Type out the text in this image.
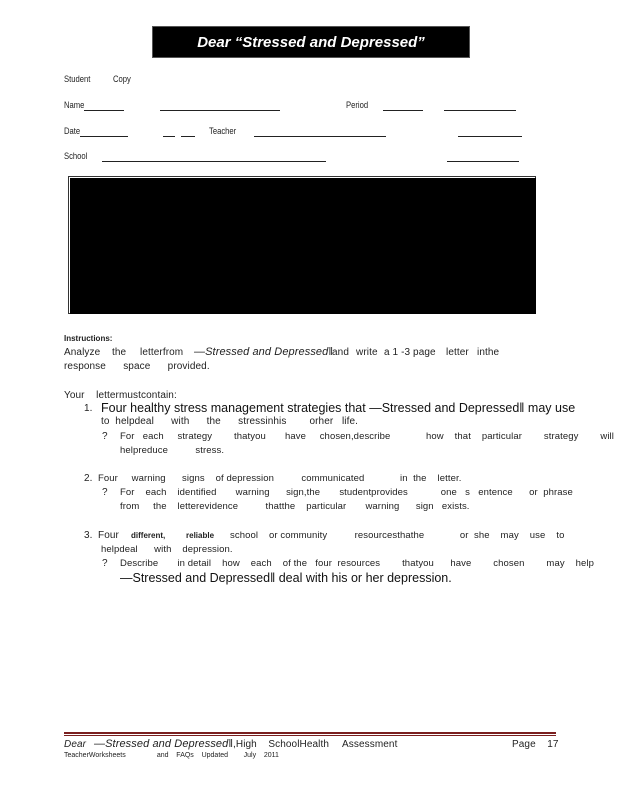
Dear “Stressed and Depressed”
Student	Copy
Name	Period
Date	Teacher
School
Instructions:
Analyze the letterfrom —Stressed and Depressed‖
and write a 1 -3 page letter inthe
response      space      provided.
Your    lettermustcontain:
1. Four healthy stress management strategies that —Stressed and Depressed‖ may use
to  helpdeal      with      the      stressinhis        orher   life.
? For   each     strategy        thatyou       have     chosen,describe             how    that    particular        strategy        will
helpreduce          stress.
2. Four     warning      signs    of depression          communicated             in  the    letter.
? For    each    identified       warning      sign,the       studentprovides            one   s   entence      or  phrase
from     the    letterevidence          thatthe    particular       warning      sign   exists.
3. Four different,	reliable school    or community          resourcesthathe             or  she    may    use    to
helpdeal      with    depression.
? Describe       in detail    how    each    of the   four  resources        thatyou      have        chosen        may    help
—Stressed and Depressed‖ deal with his or her depression.
Dear —Stressed and Depressed‖ ,High    SchoolHealth Assessment	Page    17
TeacherWorksheets                and    FAQs    Updated        July    2011
